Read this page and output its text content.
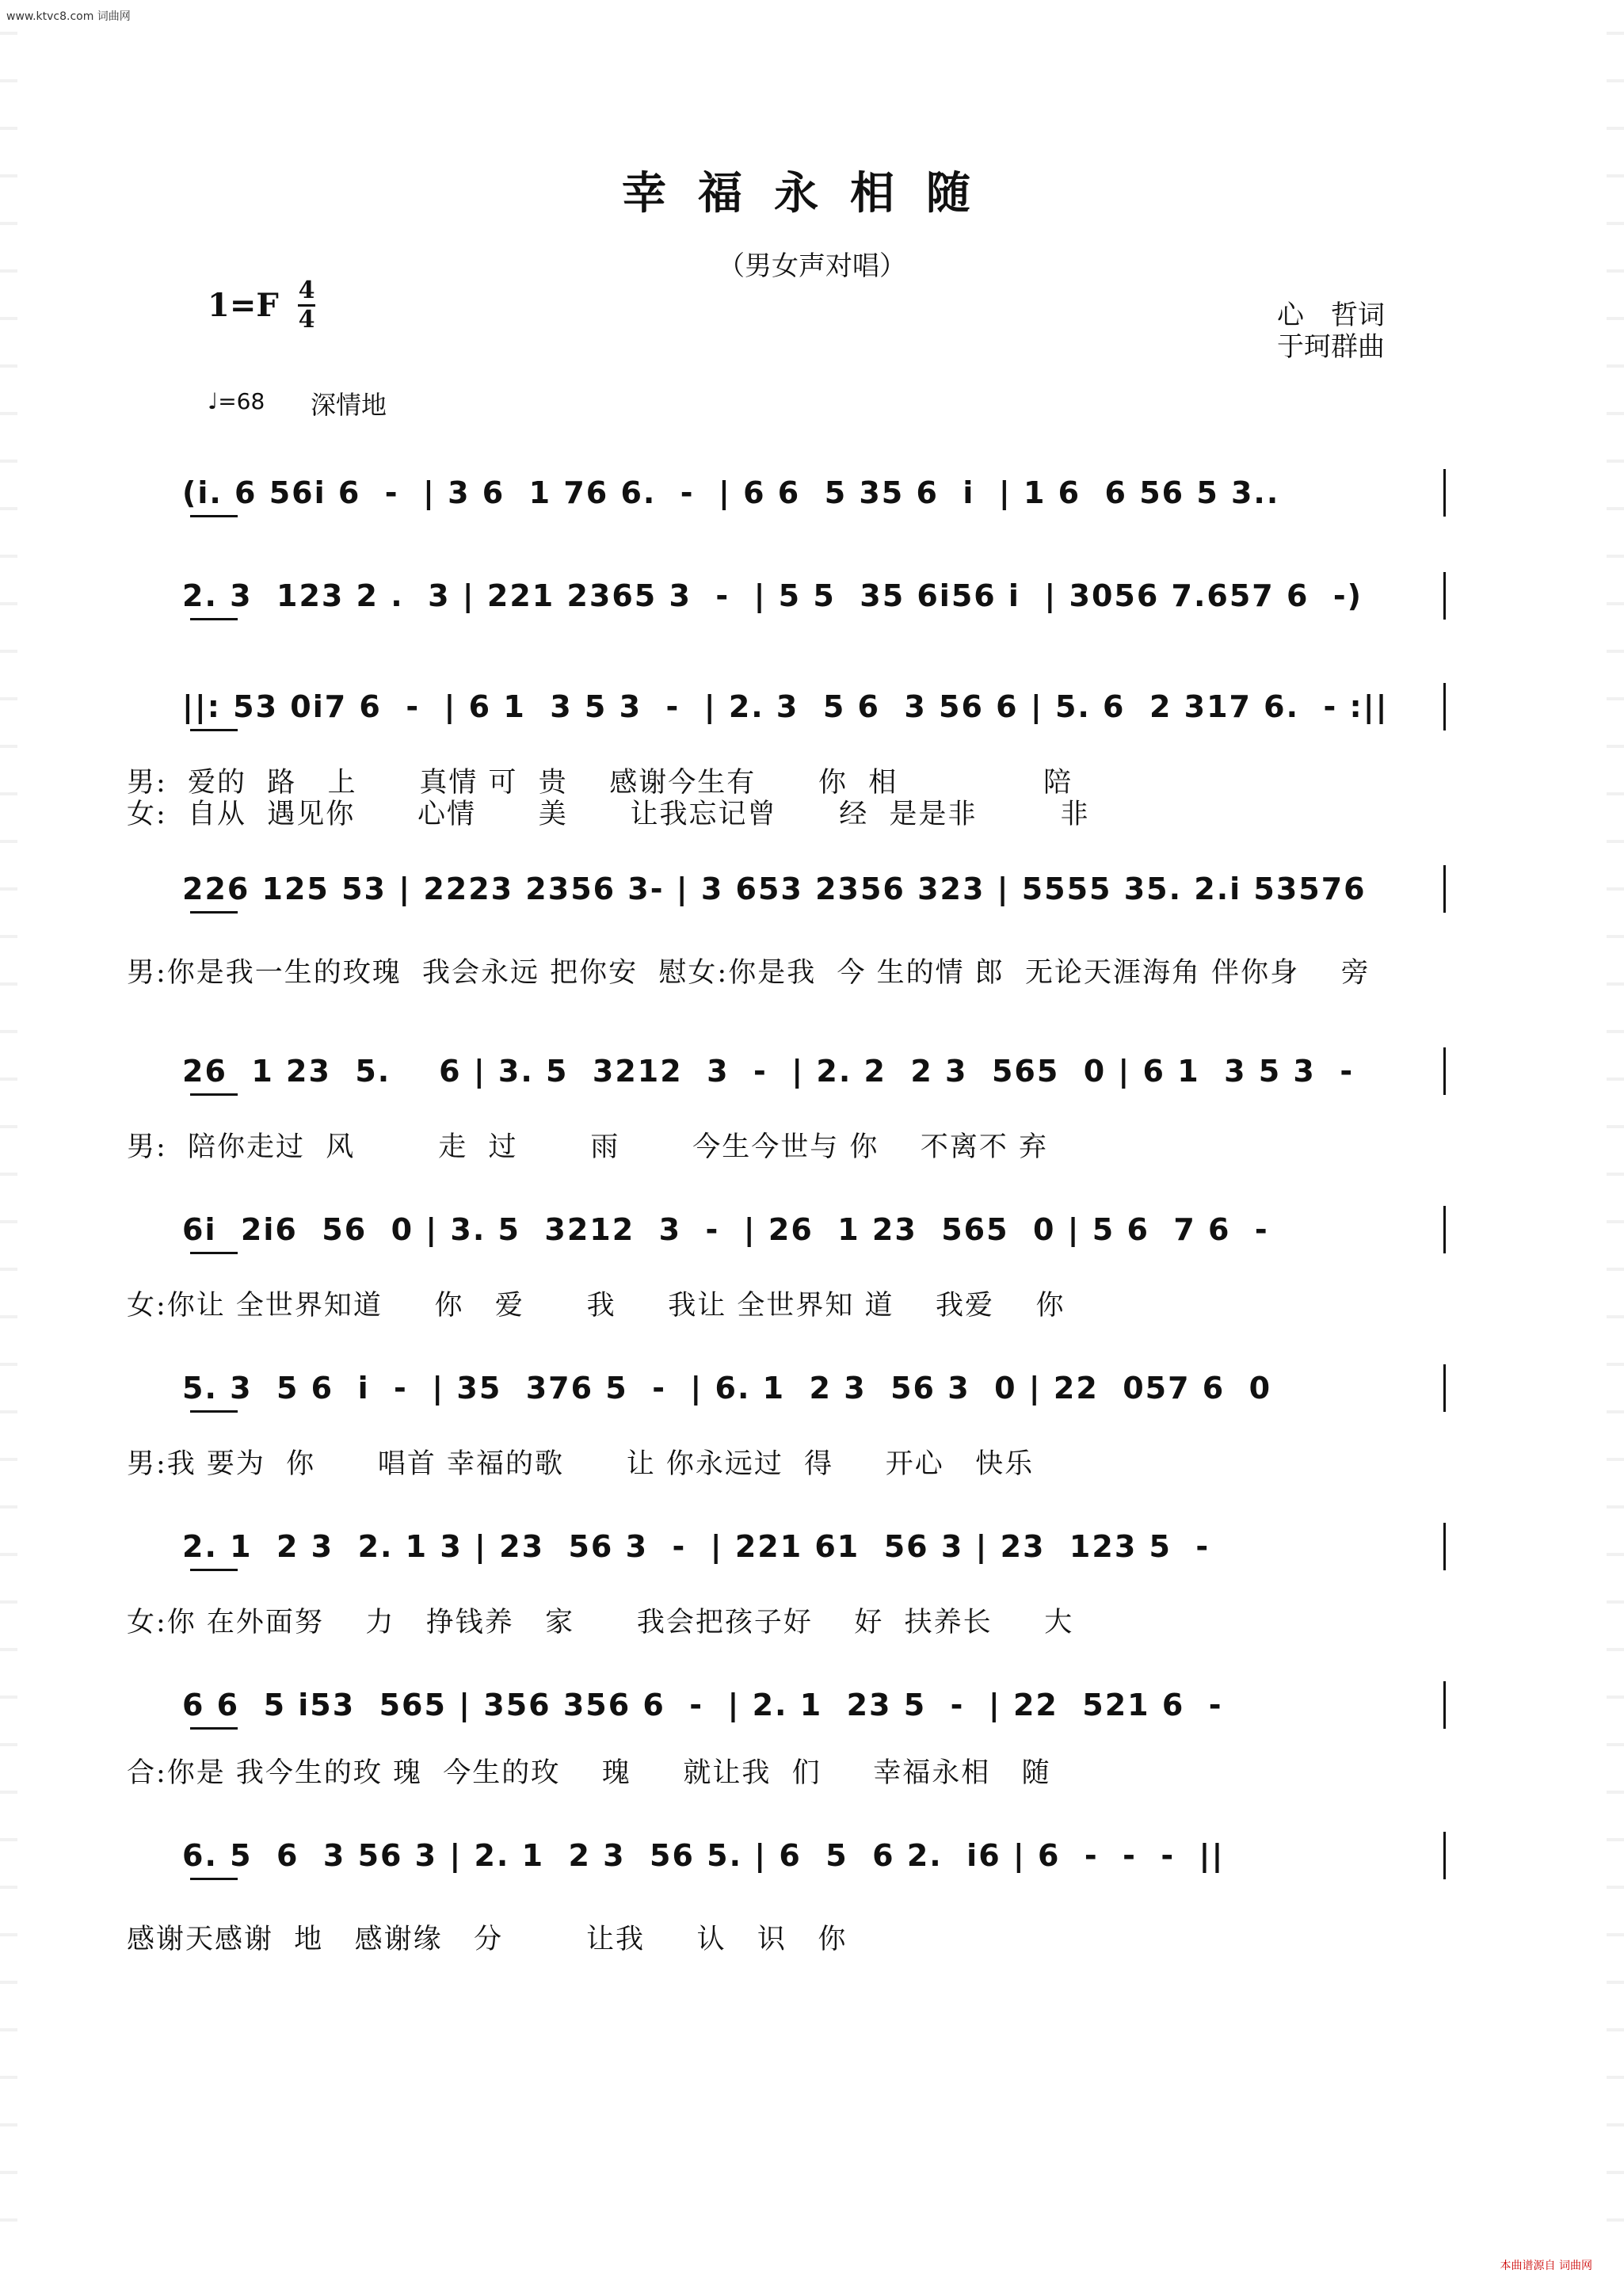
www.ktvc8.com 词曲网
幸福永相随
（男女声对唱）
1=F 4
4	心　哲词
于珂群曲
♩=68 深情地
(i. 6 56i 6  -  | 3 6  1 76 6.  -  | 6 6  5 35 6  i  | 1 6  6 56 5 3..
2. 3  123 2 .  3 | 221 2365 3  -  | 5 5  35 6i56 i  | 3056 7.657 6  -)
||: 53 0i7 6  -  | 6 1  3 5 3  -  | 2. 3  5 6  3 56 6 | 5. 6  2 317 6.  - :||
男:  爱的  路   上      真情 可  贵    感谢今生有      你  相              陪
226 125 53 | 2223 2356 3- | 3 653 2356 323 | 5555 35. 2.i 53576
女:  自从  遇见你      心情      美      让我忘记曾      经  是是非        非
26  1 23  5.    6 | 3. 5  3212  3  -  | 2. 2  2 3  565  0 | 6 1  3 5 3  -
男:你是我一生的玫瑰  我会永远 把你安  慰女:你是我  今 生的情 郎  无论天涯海角 伴你身    旁
6i  2i6  56  0 | 3. 5  3212  3  -  | 26  1 23  565  0 | 5 6  7 6  -
男:  陪你走过  风        走  过       雨       今生今世与 你    不离不 弃
5. 3  5 6  i  -  | 35  376 5  -  | 6. 1  2 3  56 3  0 | 22  057 6  0
女:你让 全世界知道     你   爱      我     我让 全世界知 道    我爱    你
2. 1  2 3  2. 1 3 | 23  56 3  -  | 221 61  56 3 | 23  123 5  -
男:我 要为  你      唱首 幸福的歌      让 你永远过  得     开心   快乐
6 6  5 i53  565 | 356 356 6  -  | 2. 1  23 5  -  | 22  521 6  -
女:你 在外面努    力   挣钱养   家      我会把孩子好    好  扶养长     大
6. 5  6  3 56 3 | 2. 1  2 3  56 5. | 6  5  6 2.  i6 | 6  -  -  -  ||
合:你是 我今生的玫 瑰  今生的玫    瑰     就让我  们     幸福永相   随
感谢天感谢  地   感谢缘   分        让我     认   识   你
本曲谱源自 词曲网
